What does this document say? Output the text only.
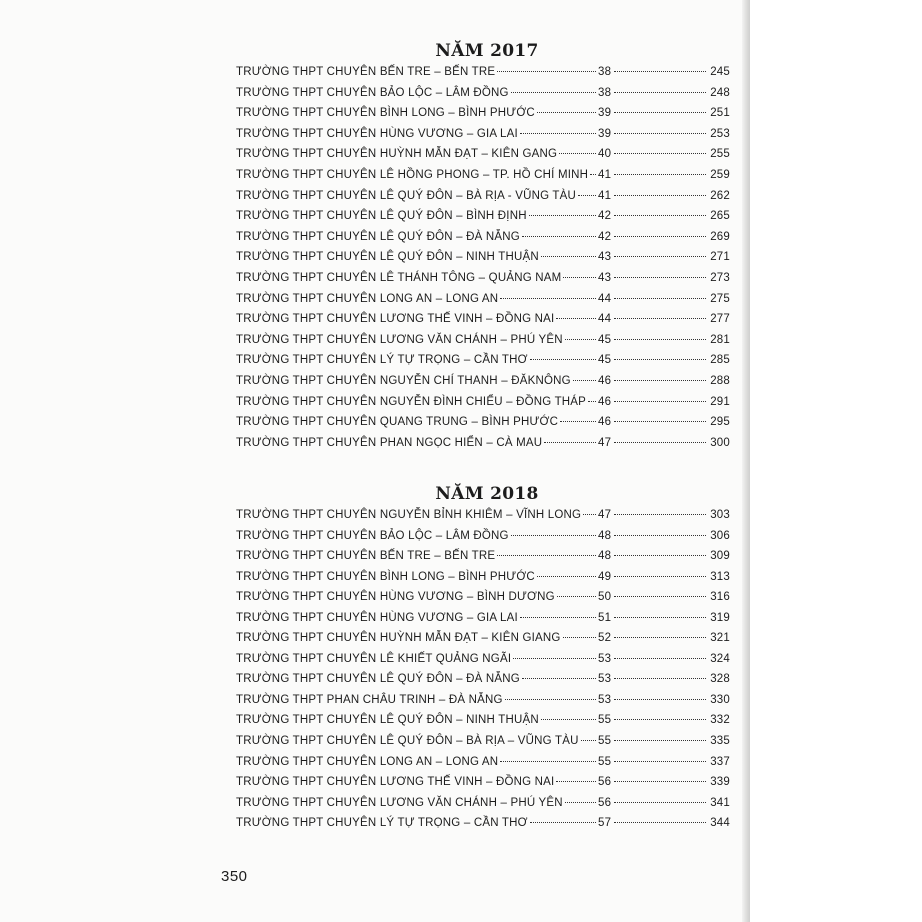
NĂM 2017
TRƯỜNG THPT CHUYÊN BẾN TRE – BẾN TRE	38	245
TRƯỜNG THPT CHUYÊN BẢO LỘC – LÂM ĐỒNG	38	248
TRƯỜNG THPT CHUYÊN BÌNH LONG – BÌNH PHƯỚC	39	251
TRƯỜNG THPT CHUYÊN HÙNG VƯƠNG – GIA LAI	39	253
TRƯỜNG THPT CHUYÊN HUỲNH MẪN ĐẠT – KIÊN GANG	40	255
TRƯỜNG THPT CHUYÊN LÊ HỒNG PHONG – TP. HỒ CHÍ MINH 41	259
TRƯỜNG THPT CHUYÊN LÊ QUÝ ĐÔN – BÀ RỊA - VŨNG TÀU 41	262
TRƯỜNG THPT CHUYÊN LÊ QUÝ ĐÔN – BÌNH ĐỊNH	42	265
TRƯỜNG THPT CHUYÊN LÊ QUÝ ĐÔN – ĐÀ NẴNG	42	269
TRƯỜNG THPT CHUYÊN LÊ QUÝ ĐÔN – NINH THUẬN	43	271
TRƯỜNG THPT CHUYÊN LÊ THÁNH TÔNG – QUẢNG NAM	43	273
TRƯỜNG THPT CHUYÊN LONG AN – LONG AN	44	275
TRƯỜNG THPT CHUYÊN LƯƠNG THẾ VINH – ĐỒNG NAI	44	277
TRƯỜNG THPT CHUYÊN LƯƠNG VĂN CHÁNH – PHÚ YÊN	45	281
TRƯỜNG THPT CHUYÊN LÝ TỰ TRỌNG – CẦN THƠ	45	285
TRƯỜNG THPT CHUYÊN NGUYỄN CHÍ THANH – ĐĂKNÔNG 46	288
TRƯỜNG THPT CHUYÊN NGUYỄN ĐÌNH CHIỂU – ĐỒNG THÁP 46	291
TRƯỜNG THPT CHUYÊN QUANG TRUNG – BÌNH PHƯỚC	46	295
TRƯỜNG THPT CHUYÊN PHAN NGỌC HIỂN – CÀ MAU	47	300
NĂM 2018
TRƯỜNG THPT CHUYÊN NGUYỄN BỈNH KHIÊM – VĨNH LONG 47	303
TRƯỜNG THPT CHUYÊN BẢO LỘC – LÂM ĐỒNG	48	306
TRƯỜNG THPT CHUYÊN BẾN TRE – BẾN TRE	48	309
TRƯỜNG THPT CHUYÊN BÌNH LONG – BÌNH PHƯỚC	49	313
TRƯỜNG THPT CHUYÊN HÙNG VƯƠNG – BÌNH DƯƠNG	50	316
TRƯỜNG THPT CHUYÊN HÙNG VƯƠNG – GIA LAI	51	319
TRƯỜNG THPT CHUYÊN HUỲNH MẪN ĐẠT – KIÊN GIANG	52	321
TRƯỜNG THPT CHUYÊN LÊ KHIẾT QUẢNG NGÃI	53	324
TRƯỜNG THPT CHUYÊN LÊ QUÝ ĐÔN – ĐÀ NẴNG	53	328
TRƯỜNG THPT PHAN CHÂU TRINH – ĐÀ NẴNG	53	330
TRƯỜNG THPT CHUYÊN LÊ QUÝ ĐÔN – NINH THUẬN	55	332
TRƯỜNG THPT CHUYÊN LÊ QUÝ ĐÔN – BÀ RỊA – VŨNG TÀU 55	335
TRƯỜNG THPT CHUYÊN LONG AN – LONG AN	55	337
TRƯỜNG THPT CHUYÊN LƯƠNG THẾ VINH – ĐỒNG NAI	56	339
TRƯỜNG THPT CHUYÊN LƯƠNG VĂN CHÁNH – PHÚ YÊN	56	341
TRƯỜNG THPT CHUYÊN LÝ TỰ TRỌNG – CẦN THƠ	57	344
350
